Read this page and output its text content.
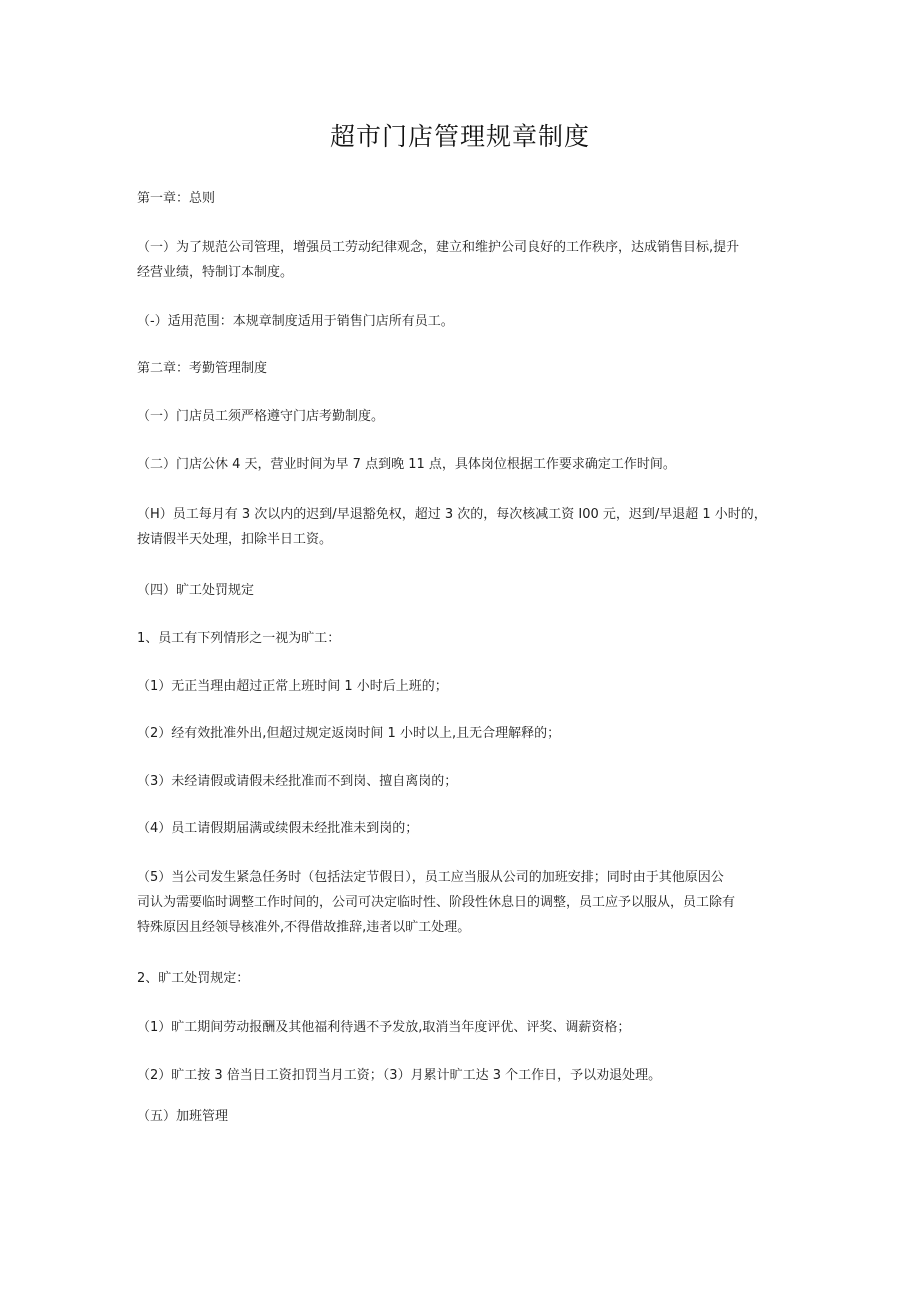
超市门店管理规章制度
第一章：总则
（一）为了规范公司管理，增强员工劳动纪律观念，建立和维护公司良好的工作秩序，达成销售目标,提升
经营业绩，特制订本制度。
（-）适用范围：本规章制度适用于销售门店所有员工。
第二章：考勤管理制度
（一）门店员工须严格遵守门店考勤制度。
（二）门店公休 4 天，营业时间为早 7 点到晚 11 点，具体岗位根据工作要求确定工作时间。
（H）员工每月有 3 次以内的迟到/早退豁免权，超过 3 次的，每次核减工资 I00 元，迟到/早退超 1 小时的，
按请假半天处理，扣除半日工资。
（四）旷工处罚规定
1、员工有下列情形之一视为旷工：
（1）无正当理由超过正常上班时间 1 小时后上班的；
（2）经有效批准外出,但超过规定返岗时间 1 小时以上,且无合理解释的；
（3）未经请假或请假未经批准而不到岗、擅自离岗的；
（4）员工请假期届满或续假未经批准未到岗的；
（5）当公司发生紧急任务时（包括法定节假日），员工应当服从公司的加班安排；同时由于其他原因公
司认为需要临时调整工作时间的，公司可决定临时性、阶段性休息日的调整，员工应予以服从，员工除有
特殊原因且经领导核准外,不得借故推辞,违者以旷工处理。
2、旷工处罚规定：
（1）旷工期间劳动报酬及其他福利待遇不予发放,取消当年度评优、评奖、调薪资格；
（2）旷工按 3 倍当日工资扣罚当月工资；（3）月累计旷工达 3 个工作日，予以劝退处理。
（五）加班管理
